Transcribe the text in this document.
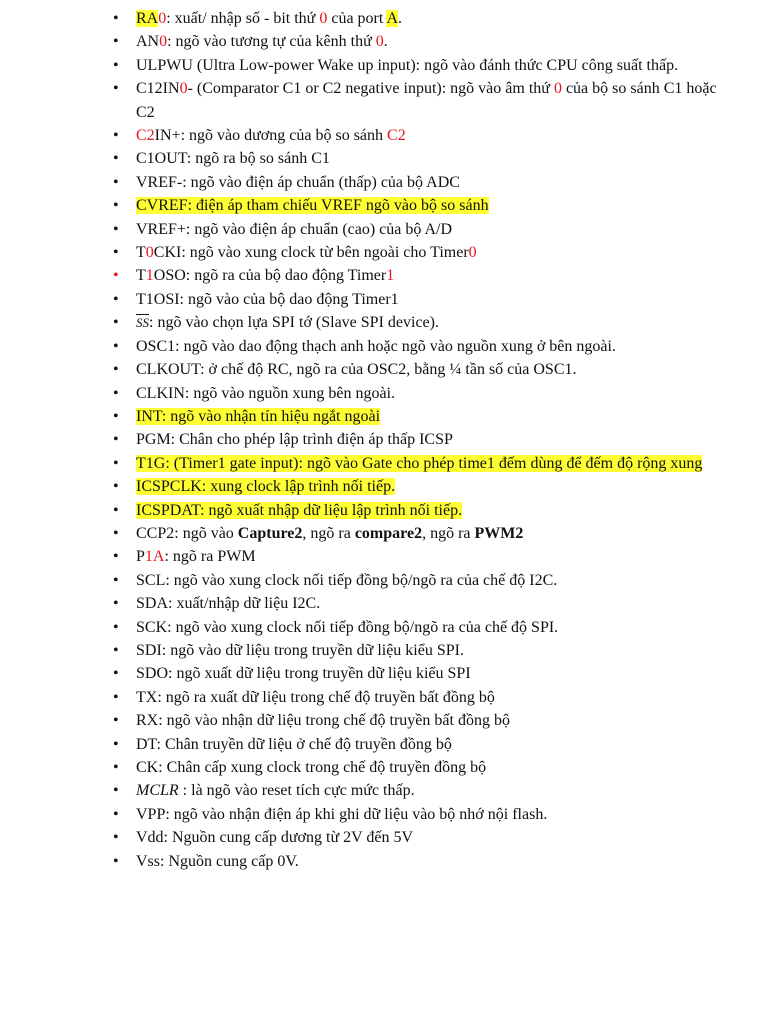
•	RA0: xuất/ nhập số - bit thứ 0 của port A.
•	AN0: ngõ vào tương tự của kênh thứ 0.
•	ULPWU (Ultra Low-power Wake up input): ngõ vào đánh thức CPU công suất thấp.
•	C12IN0- (Comparator C1 or C2 negative input): ngõ vào âm thứ 0 của bộ so sánh C1 hoặc C2
•	C2IN+: ngõ vào dương của bộ so sánh C2
•	C1OUT: ngõ ra bộ so sánh C1
•	VREF-: ngõ vào điện áp chuẩn (thấp) của bộ ADC
•	CVREF: điện áp tham chiếu VREF ngõ vào bộ so sánh
•	VREF+: ngõ vào điện áp chuẩn (cao) của bộ A/D
•	T0CKI: ngõ vào xung clock từ bên ngoài cho Timer0
•	T1OSO: ngõ ra của bộ dao động Timer1
•	T1OSI: ngõ vào của bộ dao động Timer1
•	$\overline{SS}$: ngõ vào chọn lựa SPI tớ (Slave SPI device).
•	OSC1: ngõ vào dao động thạch anh hoặc ngõ vào nguồn xung ở bên ngoài.
•	CLKOUT: ở chế độ RC, ngõ ra của OSC2, bằng ¼ tần số của OSC1.
•	CLKIN: ngõ vào nguồn xung bên ngoài.
•	INT: ngõ vào nhận tín hiệu ngắt ngoài
•	PGM: Chân cho phép lập trình điện áp thấp ICSP
•	T1G: (Timer1 gate input): ngõ vào Gate cho phép time1 đếm dùng để đếm độ rộng xung
•	ICSPCLK: xung clock lập trình nối tiếp.
•	ICSPDAT: ngõ xuất nhập dữ liệu lập trình nối tiếp.
•	CCP2: ngõ vào Capture2, ngõ ra compare2, ngõ ra PWM2
•	P1A: ngõ ra PWM
•	SCL: ngõ vào xung clock nối tiếp đồng bộ/ngõ ra của chế độ I2C.
•	SDA: xuất/nhập dữ liệu I2C.
•	SCK: ngõ vào xung clock nối tiếp đồng bộ/ngõ ra của chế độ SPI.
•	SDI: ngõ vào dữ liệu trong truyền dữ liệu kiểu SPI.
•	SDO: ngõ xuất dữ liệu trong truyền dữ liệu kiểu SPI
•	TX: ngõ ra xuất dữ liệu trong chế độ truyền bất đồng bộ
•	RX: ngõ vào nhận dữ liệu trong chế độ truyền bất đồng bộ
•	DT: Chân truyền dữ liệu ở chế độ truyền đồng bộ
•	CK: Chân cấp xung clock trong chế độ truyền đồng bộ
•	MCLR : là ngõ vào reset tích cực mức thấp.
•	VPP: ngõ vào nhận điện áp khi ghi dữ liệu vào bộ nhớ nội flash.
•	Vdd: Nguồn cung cấp dương từ 2V đến 5V
•	Vss: Nguồn cung cấp 0V.
